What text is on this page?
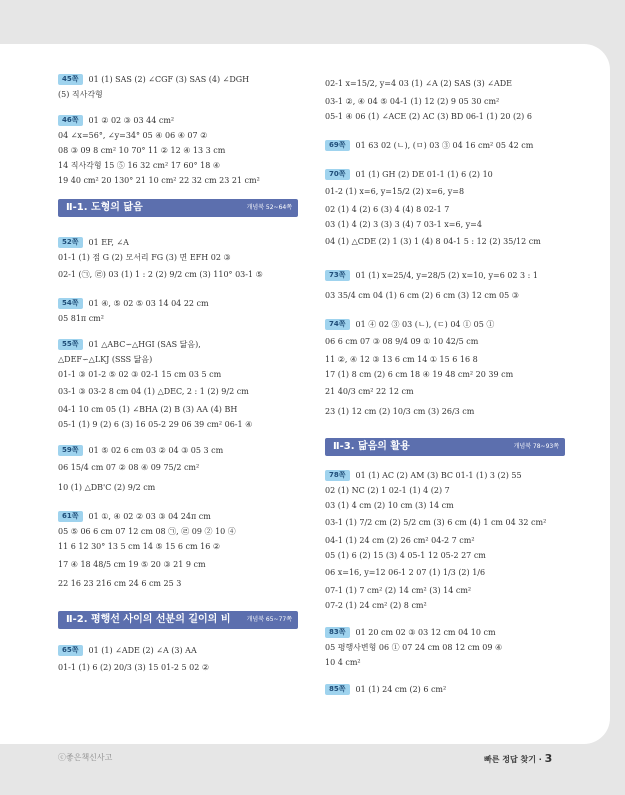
45쪽 01 (1) SAS (2) ∠CGF (3) SAS (4) ∠DGH
(5) 직사각형
46쪽 01 ② 02 ③ 03 44 cm²
04 ∠x=56°, ∠y=34° 05 ④ 06 ④ 07 ②
08 ③ 09 8 cm² 10 70° 11 ② 12 ④ 13 3 cm
14 직사각형 15 ⑤ 16 32 cm² 17 60° 18 ④
19 40 cm² 20 130° 21 10 cm² 22 32 cm 23 21 cm²
Ⅱ-1. 도형의 닮음	개념북 52~64쪽
52쪽 01 EF, ∠A
01-1 (1) 점 G (2) 모서리 FG (3) 면 EFH 02 ③
02-1 (㉠, ㉣) 03 (1) 1 : 2 (2) 9/2 cm (3) 110° 03-1 ⑤
54쪽 01 ④, ⑤ 02 ⑤ 03 14 04 22 cm
05 81π cm²
55쪽 01 △ABC∽△HGI (SAS 닮음),
△DEF∽△LKJ (SSS 닮음)
01-1 ③ 01-2 ⑤ 02 ③ 02-1 15 cm 03 5 cm
03-1 ③ 03-2 8 cm 04 (1) △DEC, 2 : 1 (2) 9/2 cm
04-1 10 cm 05 (1) ∠BHA (2) B (3) AA (4) BH
05-1 (1) 9 (2) 6 (3) 16 05-2 29 06 39 cm² 06-1 ④
59쪽 01 ⑤ 02 6 cm 03 ② 04 ③ 05 3 cm
06 15/4 cm 07 ② 08 ④ 09 75/2 cm²
10 (1) △DB'C (2) 9/2 cm
61쪽 01 ①, ④ 02 ② 03 ③ 04 24π cm
05 ⑤ 06 6 cm 07 12 cm 08 ㉠, ㉣ 09 ② 10 ④
11 6 12 30° 13 5 cm 14 ⑤ 15 6 cm 16 ②
17 ④ 18 48/5 cm 19 ⑤ 20 ③ 21 9 cm
22 16 23 216 cm 24 6 cm 25 3
Ⅱ-2. 평행선 사이의 선분의 길이의 비	개념북 65~77쪽
65쪽 01 (1) ∠ADE (2) ∠A (3) AA
01-1 (1) 6 (2) 20/3 (3) 15 01-2 5 02 ②
02-1 x=15/2, y=4 03 (1) ∠A (2) SAS (3) ∠ADE
03-1 ②, ④ 04 ⑤ 04-1 (1) 12 (2) 9 05 30 cm²
05-1 ④ 06 (1) ∠ACE (2) AC (3) BD 06-1 (1) 20 (2) 6
69쪽 01 63 02 (ㄴ), (ㅁ) 03 ③ 04 16 cm² 05 42 cm
70쪽 01 (1) GH (2) DE 01-1 (1) 6 (2) 10
01-2 (1) x=6, y=15/2 (2) x=6, y=8
02 (1) 4 (2) 6 (3) 4 (4) 8 02-1 7
03 (1) 4 (2) 3 (3) 3 (4) 7 03-1 x=6, y=4
04 (1) △CDE (2) 1 (3) 1 (4) 8 04-1 5 : 12 (2) 35/12 cm
73쪽 01 (1) x=25/4, y=28/5 (2) x=10, y=6 02 3 : 1
03 35/4 cm 04 (1) 6 cm (2) 6 cm (3) 12 cm 05 ③
74쪽 01 ④ 02 ③ 03 (ㄴ), (ㄷ) 04 ① 05 ①
06 6 cm 07 ③ 08 9/4 09 ① 10 42/5 cm
11 ②, ④ 12 ③ 13 6 cm 14 ① 15 6 16 8
17 (1) 8 cm (2) 6 cm 18 ④ 19 48 cm² 20 39 cm
21 40/3 cm² 22 12 cm
23 (1) 12 cm (2) 10/3 cm (3) 26/3 cm
Ⅱ-3. 닮음의 활용	개념북 78~93쪽
78쪽 01 (1) AC (2) AM (3) BC 01-1 (1) 3 (2) 55
02 (1) NC (2) 1 02-1 (1) 4 (2) 7
03 (1) 4 cm (2) 10 cm (3) 14 cm
03-1 (1) 7/2 cm (2) 5/2 cm (3) 6 cm (4) 1 cm 04 32 cm²
04-1 (1) 24 cm (2) 26 cm² 04-2 7 cm²
05 (1) 6 (2) 15 (3) 4 05-1 12 05-2 27 cm
06 x=16, y=12 06-1 2 07 (1) 1/3 (2) 1/6
07-1 (1) 7 cm² (2) 14 cm² (3) 14 cm²
07-2 (1) 24 cm² (2) 8 cm²
83쪽 01 20 cm 02 ③ 03 12 cm 04 10 cm
05 평행사변형 06 ① 07 24 cm 08 12 cm 09 ④
10 4 cm²
85쪽 01 (1) 24 cm (2) 6 cm²
ⓒ좋은책신사고	빠른 정답 찾기 · 3
